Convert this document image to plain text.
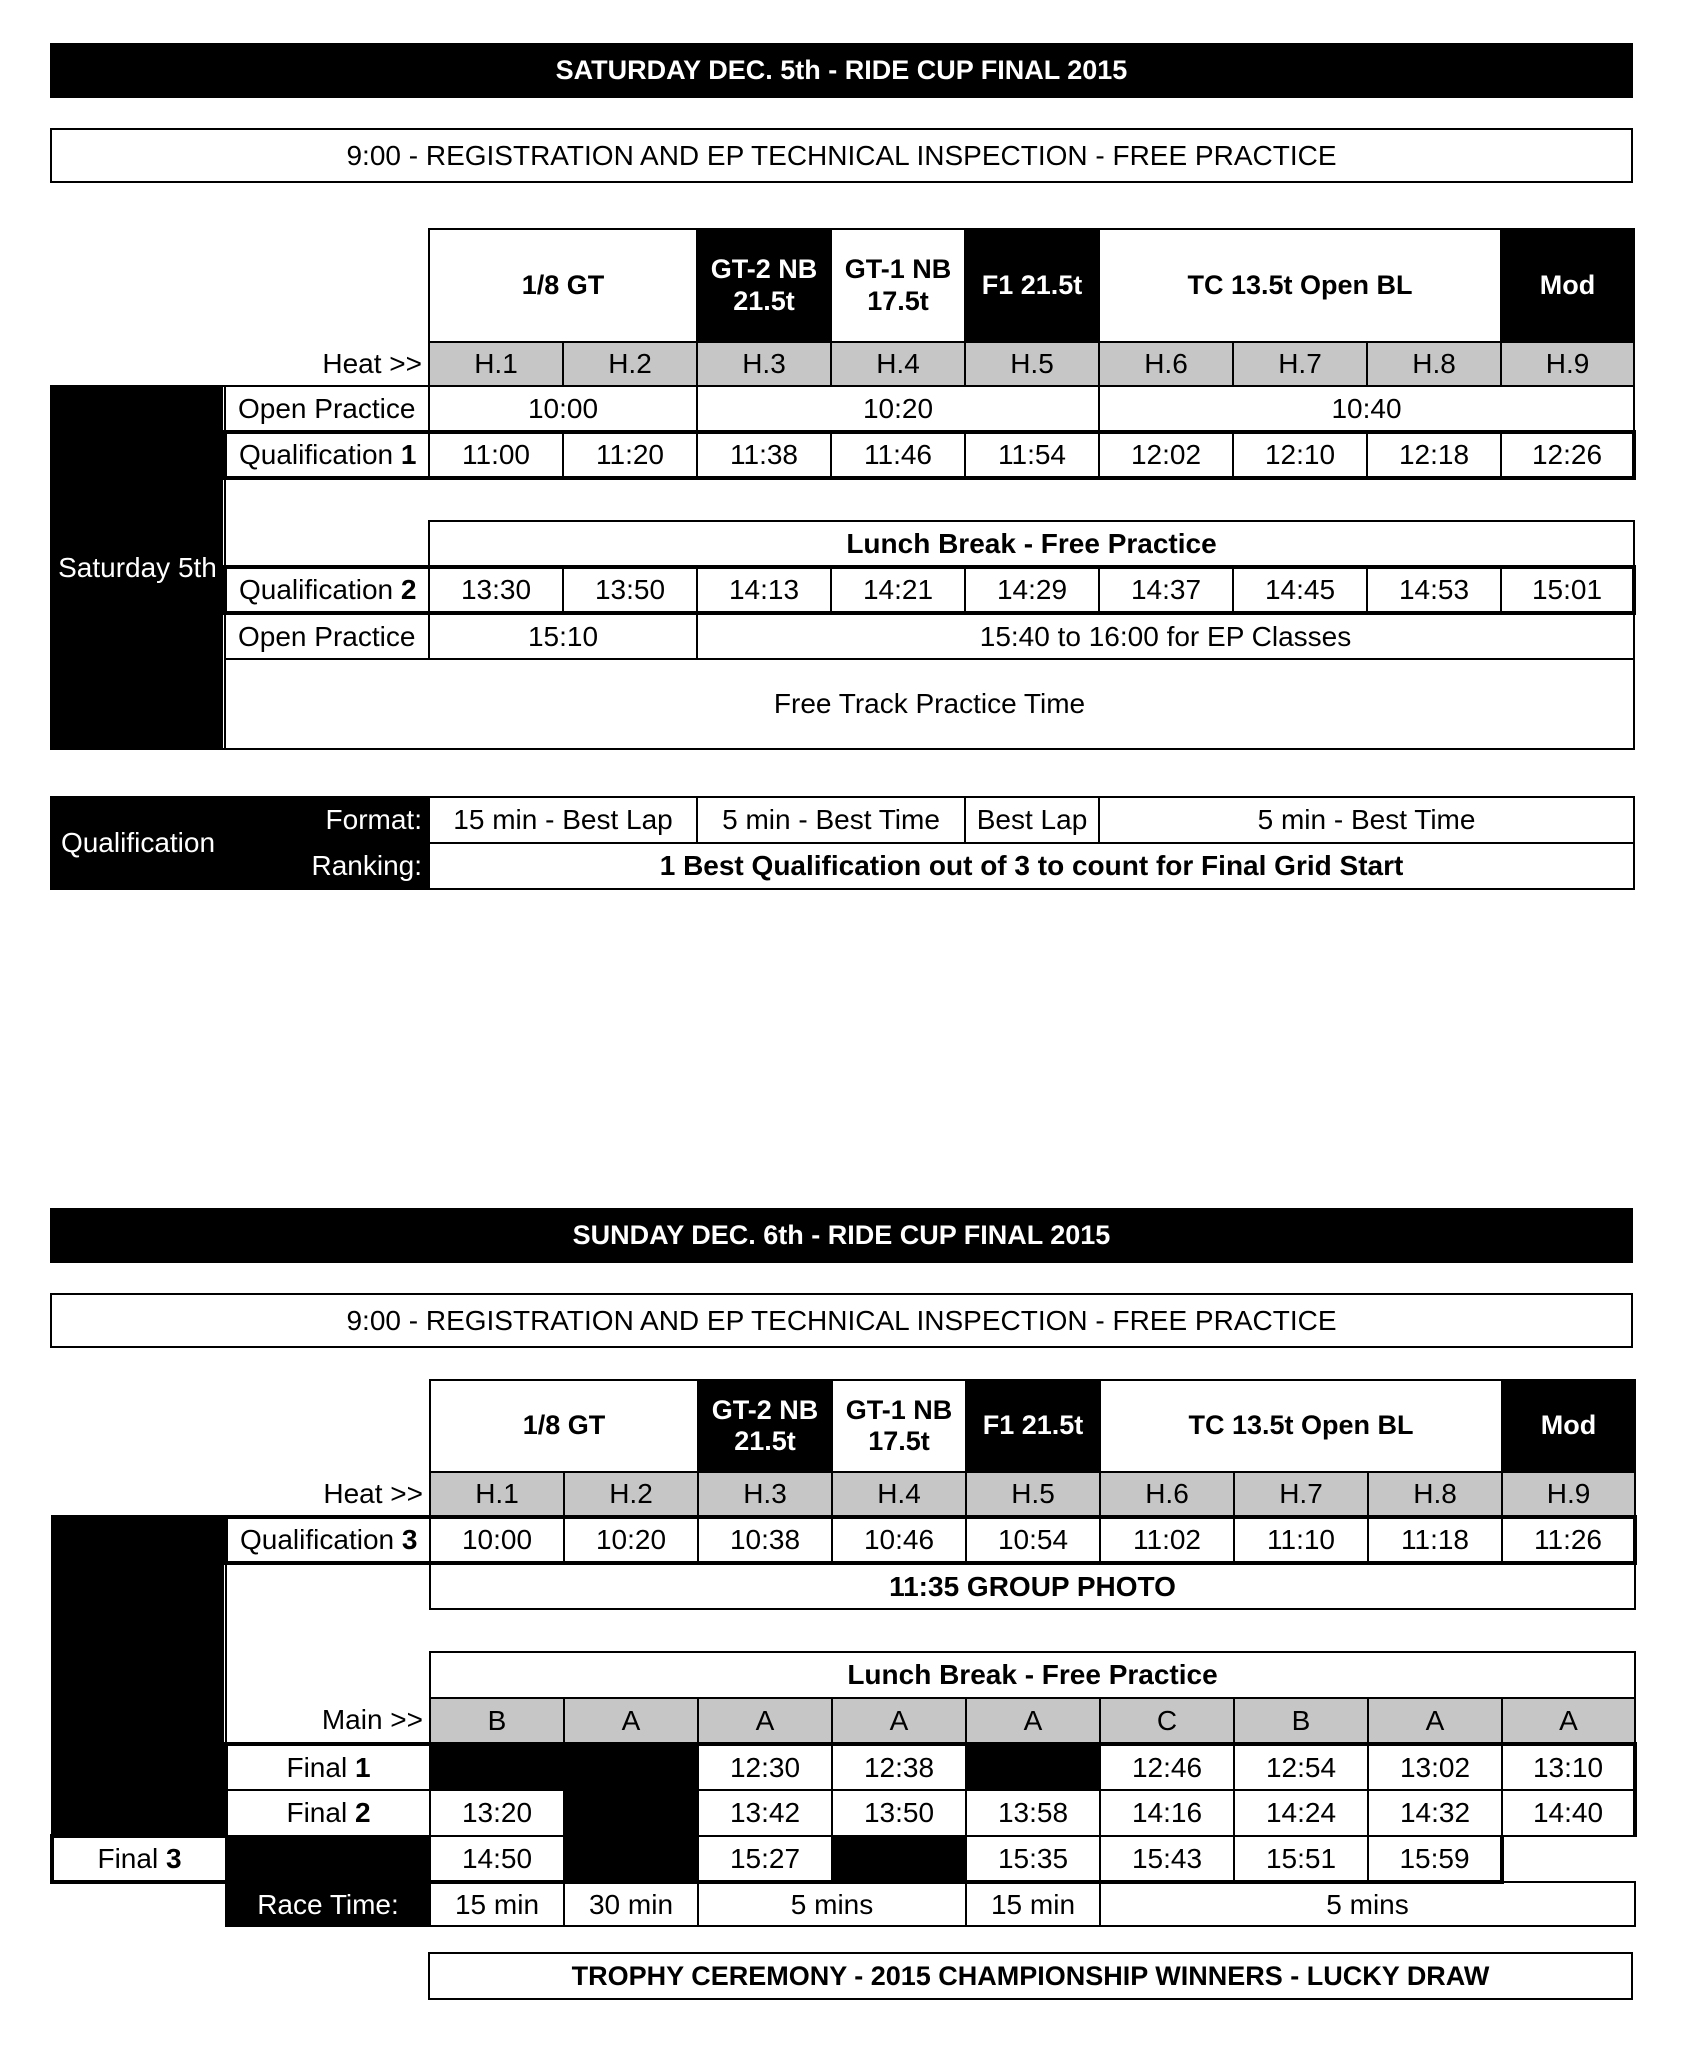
SATURDAY DEC. 5th - RIDE CUP FINAL 2015
9:00 - REGISTRATION AND EP TECHNICAL INSPECTION - FREE PRACTICE
		1/8 GT		GT-2 NB 21.5t	GT-1 NB 17.5t	F1 21.5t	TC 13.5t Open BL			Mod
	Heat >>	H.1	H.2	H.3	H.4	H.5	H.6	H.7	H.8	H.9
Saturday 5th	Open Practice	10:00		10:20			10:40			
	Qualification 1	11:00	11:20	11:38	11:46	11:54	12:02	12:10	12:18	12:26

		Lunch Break - Free Practice								
	Qualification 2	13:30	13:50	14:13	14:21	14:29	14:37	14:45	14:53	15:01
	Open Practice	15:10		15:40 to 16:00 for EP Classes						
	Free Track Practice Time									
Qualification	Format:	15 min - Best Lap	5 min - Best Time	Best Lap	5 min - Best Time
	Ranking:	1 Best Qualification out of 3 to count for Final Grid Start			
SUNDAY DEC. 6th - RIDE CUP FINAL 2015
9:00 - REGISTRATION AND EP TECHNICAL INSPECTION - FREE PRACTICE
		1/8 GT		GT-2 NB 21.5t	GT-1 NB 17.5t	F1 21.5t	TC 13.5t Open BL			Mod
	Heat >>	H.1	H.2	H.3	H.4	H.5	H.6	H.7	H.8	H.9
	Qualification 3	10:00	10:20	10:38	10:46	10:54	11:02	11:10	11:18	11:26
		11:35 GROUP PHOTO								

		Lunch Break - Free Practice								
	Main >>	B	A	A	A	A	C	B	A	A
	Final 1			12:30	12:38		12:46	12:54	13:02	13:10
	Final 2	13:20		13:42	13:50	13:58	14:16	14:24	14:32	14:40
Final 3		14:50		15:27		15:35	15:43	15:51	15:59	
	Race Time:	15 min	30 min	5 mins		15 min	5 mins			
TROPHY CEREMONY - 2015 CHAMPIONSHIP WINNERS - LUCKY DRAW
